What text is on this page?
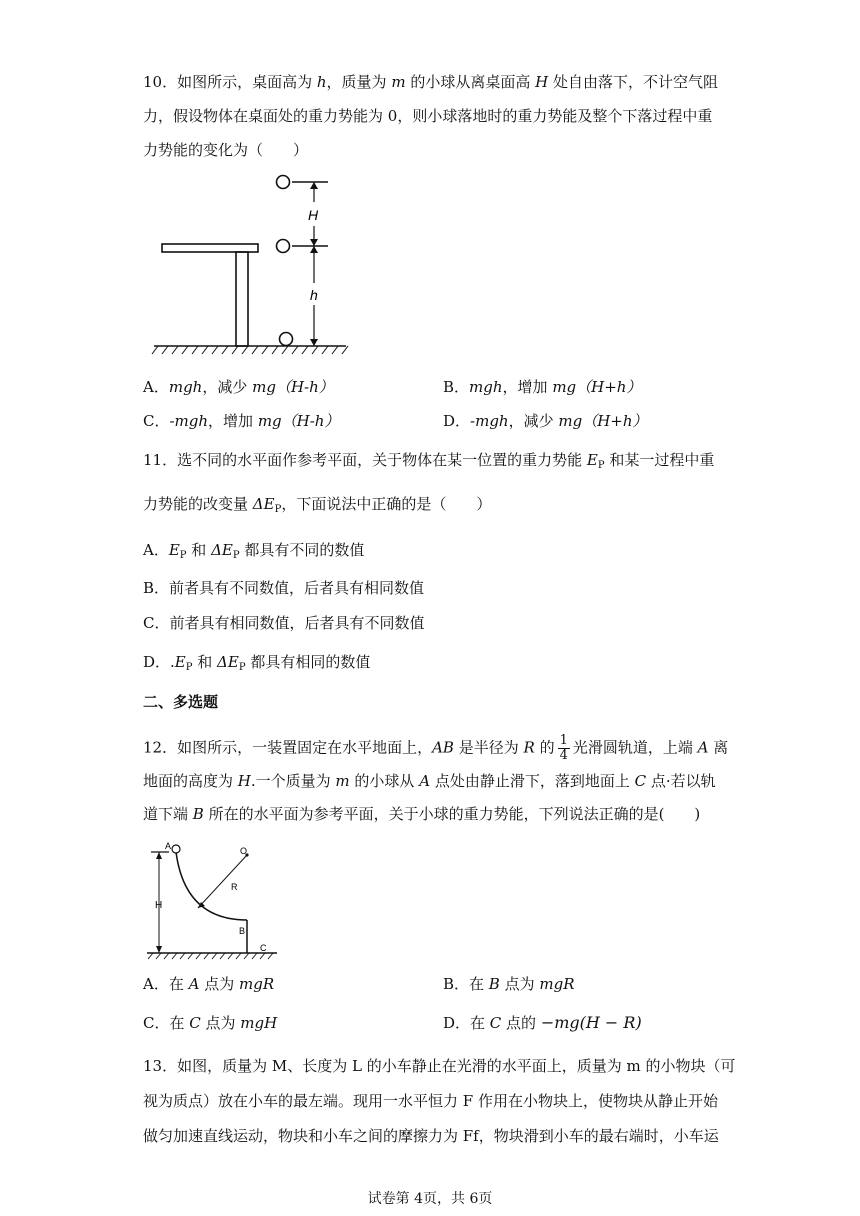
10．如图所示，桌面高为 h，质量为 m 的小球从离桌面高 H 处自由落下，不计空气阻
力，假设物体在桌面处的重力势能为 0，则小球落地时的重力势能及整个下落过程中重
力势能的变化为（　　）
H
h
A．mgh，减少 mg（H-h）	B．mgh，增加 mg（H+h）
C．-mgh，增加 mg（H-h）	D．-mgh，减少 mg（H+h）
11．选不同的水平面作参考平面，关于物体在某一位置的重力势能 $E_P$ 和某一过程中重
力势能的改变量 $\Delta E_P$，下面说法中正确的是（　　）
A．$E_P$ 和 $\Delta E_P$ 都具有不同的数值
B．前者具有不同数值，后者具有相同数值
C．前者具有相同数值，后者具有不同数值
D．$.E_P$ 和 $\Delta E_P$ 都具有相同的数值
二、多选题
12．如图所示，一装置固定在水平地面上，AB 是半径为 R 的 $\frac{1}{4}$ 光滑圆轨道，上端 A 离
地面的高度为 H.一个质量为 m 的小球从 A 点处由静止滑下，落到地面上 C 点·若以轨
道下端 B 所在的水平面为参考平面，关于小球的重力势能，下列说法正确的是(　　)
H
A	O
R
B
C
A．在 A 点为 mgR	B．在 B 点为 mgR
C．在 C 点为 mgH	D．在 C 点的 −mg(H − R)
13．如图，质量为 M、长度为 L 的小车静止在光滑的水平面上，质量为 m 的小物块（可
视为质点）放在小车的最左端。现用一水平恒力 F 作用在小物块上，使物块从静止开始
做匀加速直线运动，物块和小车之间的摩擦力为 Ff，物块滑到小车的最右端时，小车运
试卷第 4页，共 6页
